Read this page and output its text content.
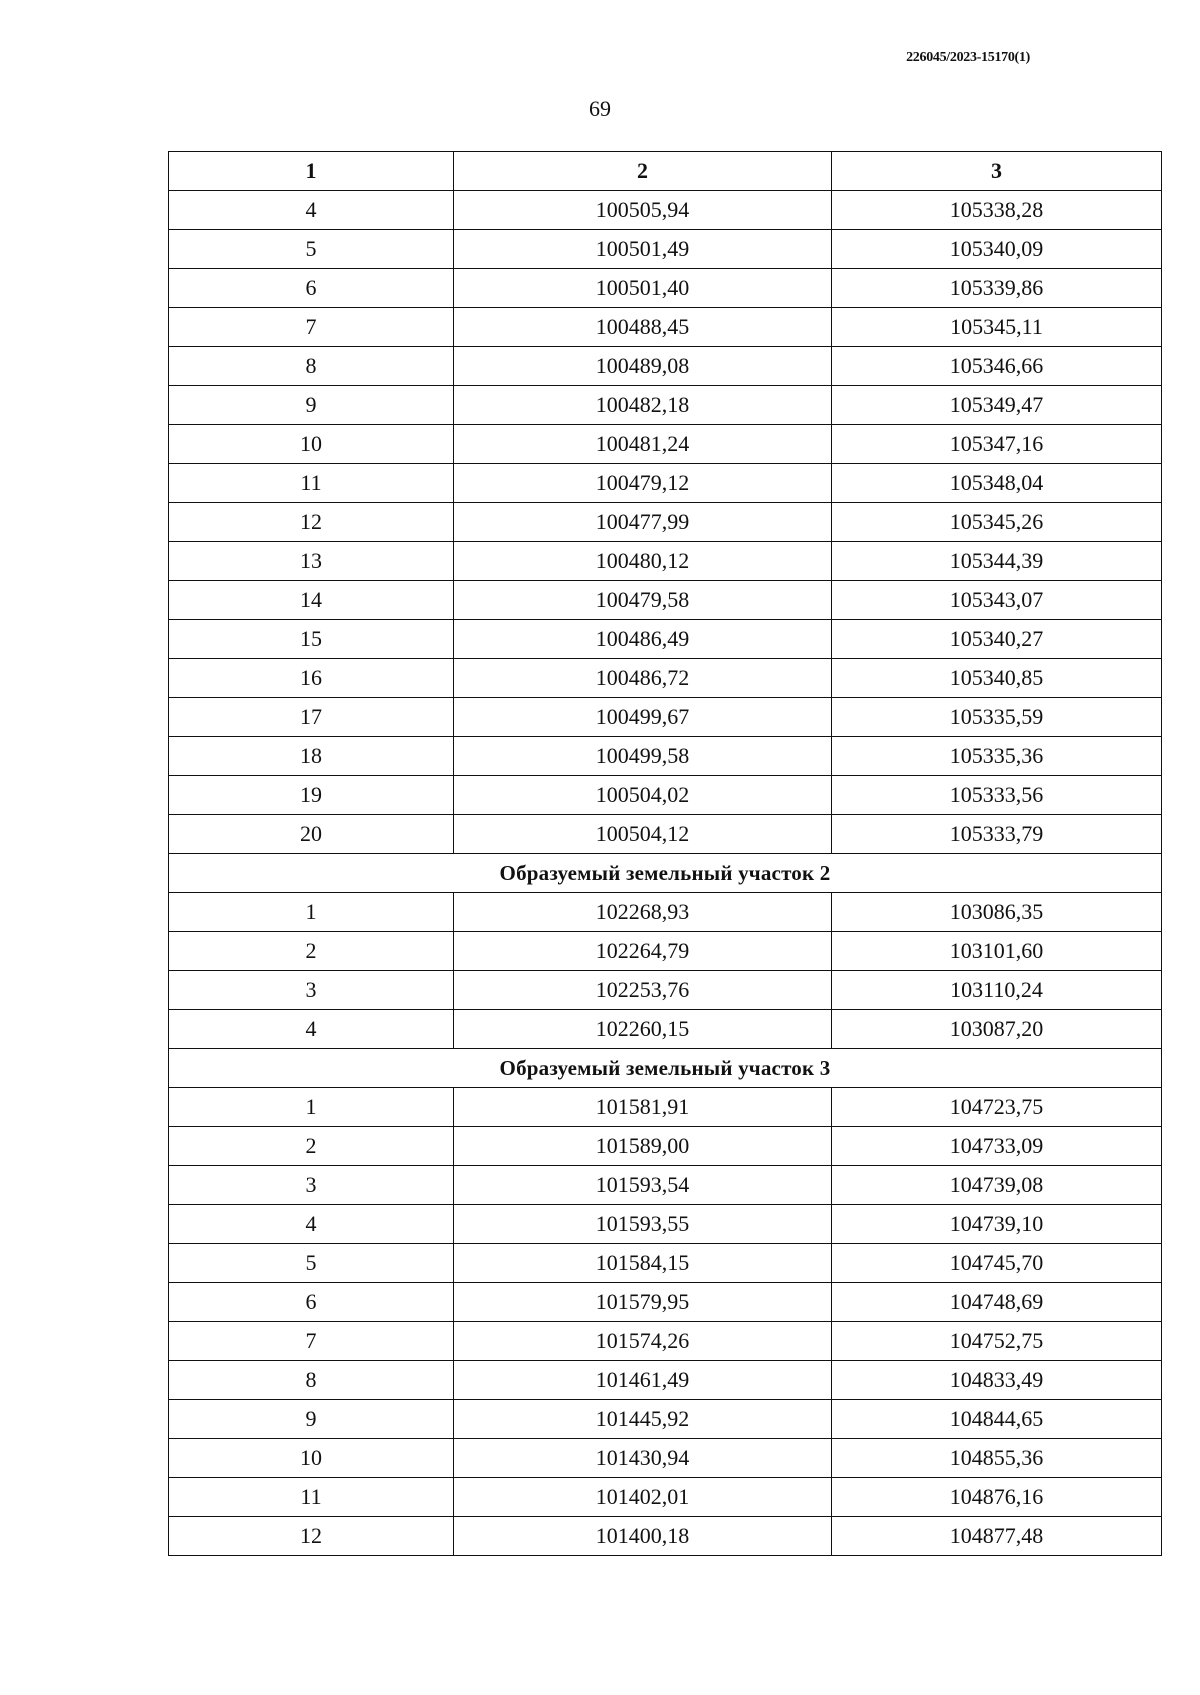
226045/2023-15170(1)
69
1	2	3
4	100505,94	105338,28
5	100501,49	105340,09
6	100501,40	105339,86
7	100488,45	105345,11
8	100489,08	105346,66
9	100482,18	105349,47
10	100481,24	105347,16
11	100479,12	105348,04
12	100477,99	105345,26
13	100480,12	105344,39
14	100479,58	105343,07
15	100486,49	105340,27
16	100486,72	105340,85
17	100499,67	105335,59
18	100499,58	105335,36
19	100504,02	105333,56
20	100504,12	105333,79
Образуемый земельный участок 2		
1	102268,93	103086,35
2	102264,79	103101,60
3	102253,76	103110,24
4	102260,15	103087,20
Образуемый земельный участок 3		
1	101581,91	104723,75
2	101589,00	104733,09
3	101593,54	104739,08
4	101593,55	104739,10
5	101584,15	104745,70
6	101579,95	104748,69
7	101574,26	104752,75
8	101461,49	104833,49
9	101445,92	104844,65
10	101430,94	104855,36
11	101402,01	104876,16
12	101400,18	104877,48
